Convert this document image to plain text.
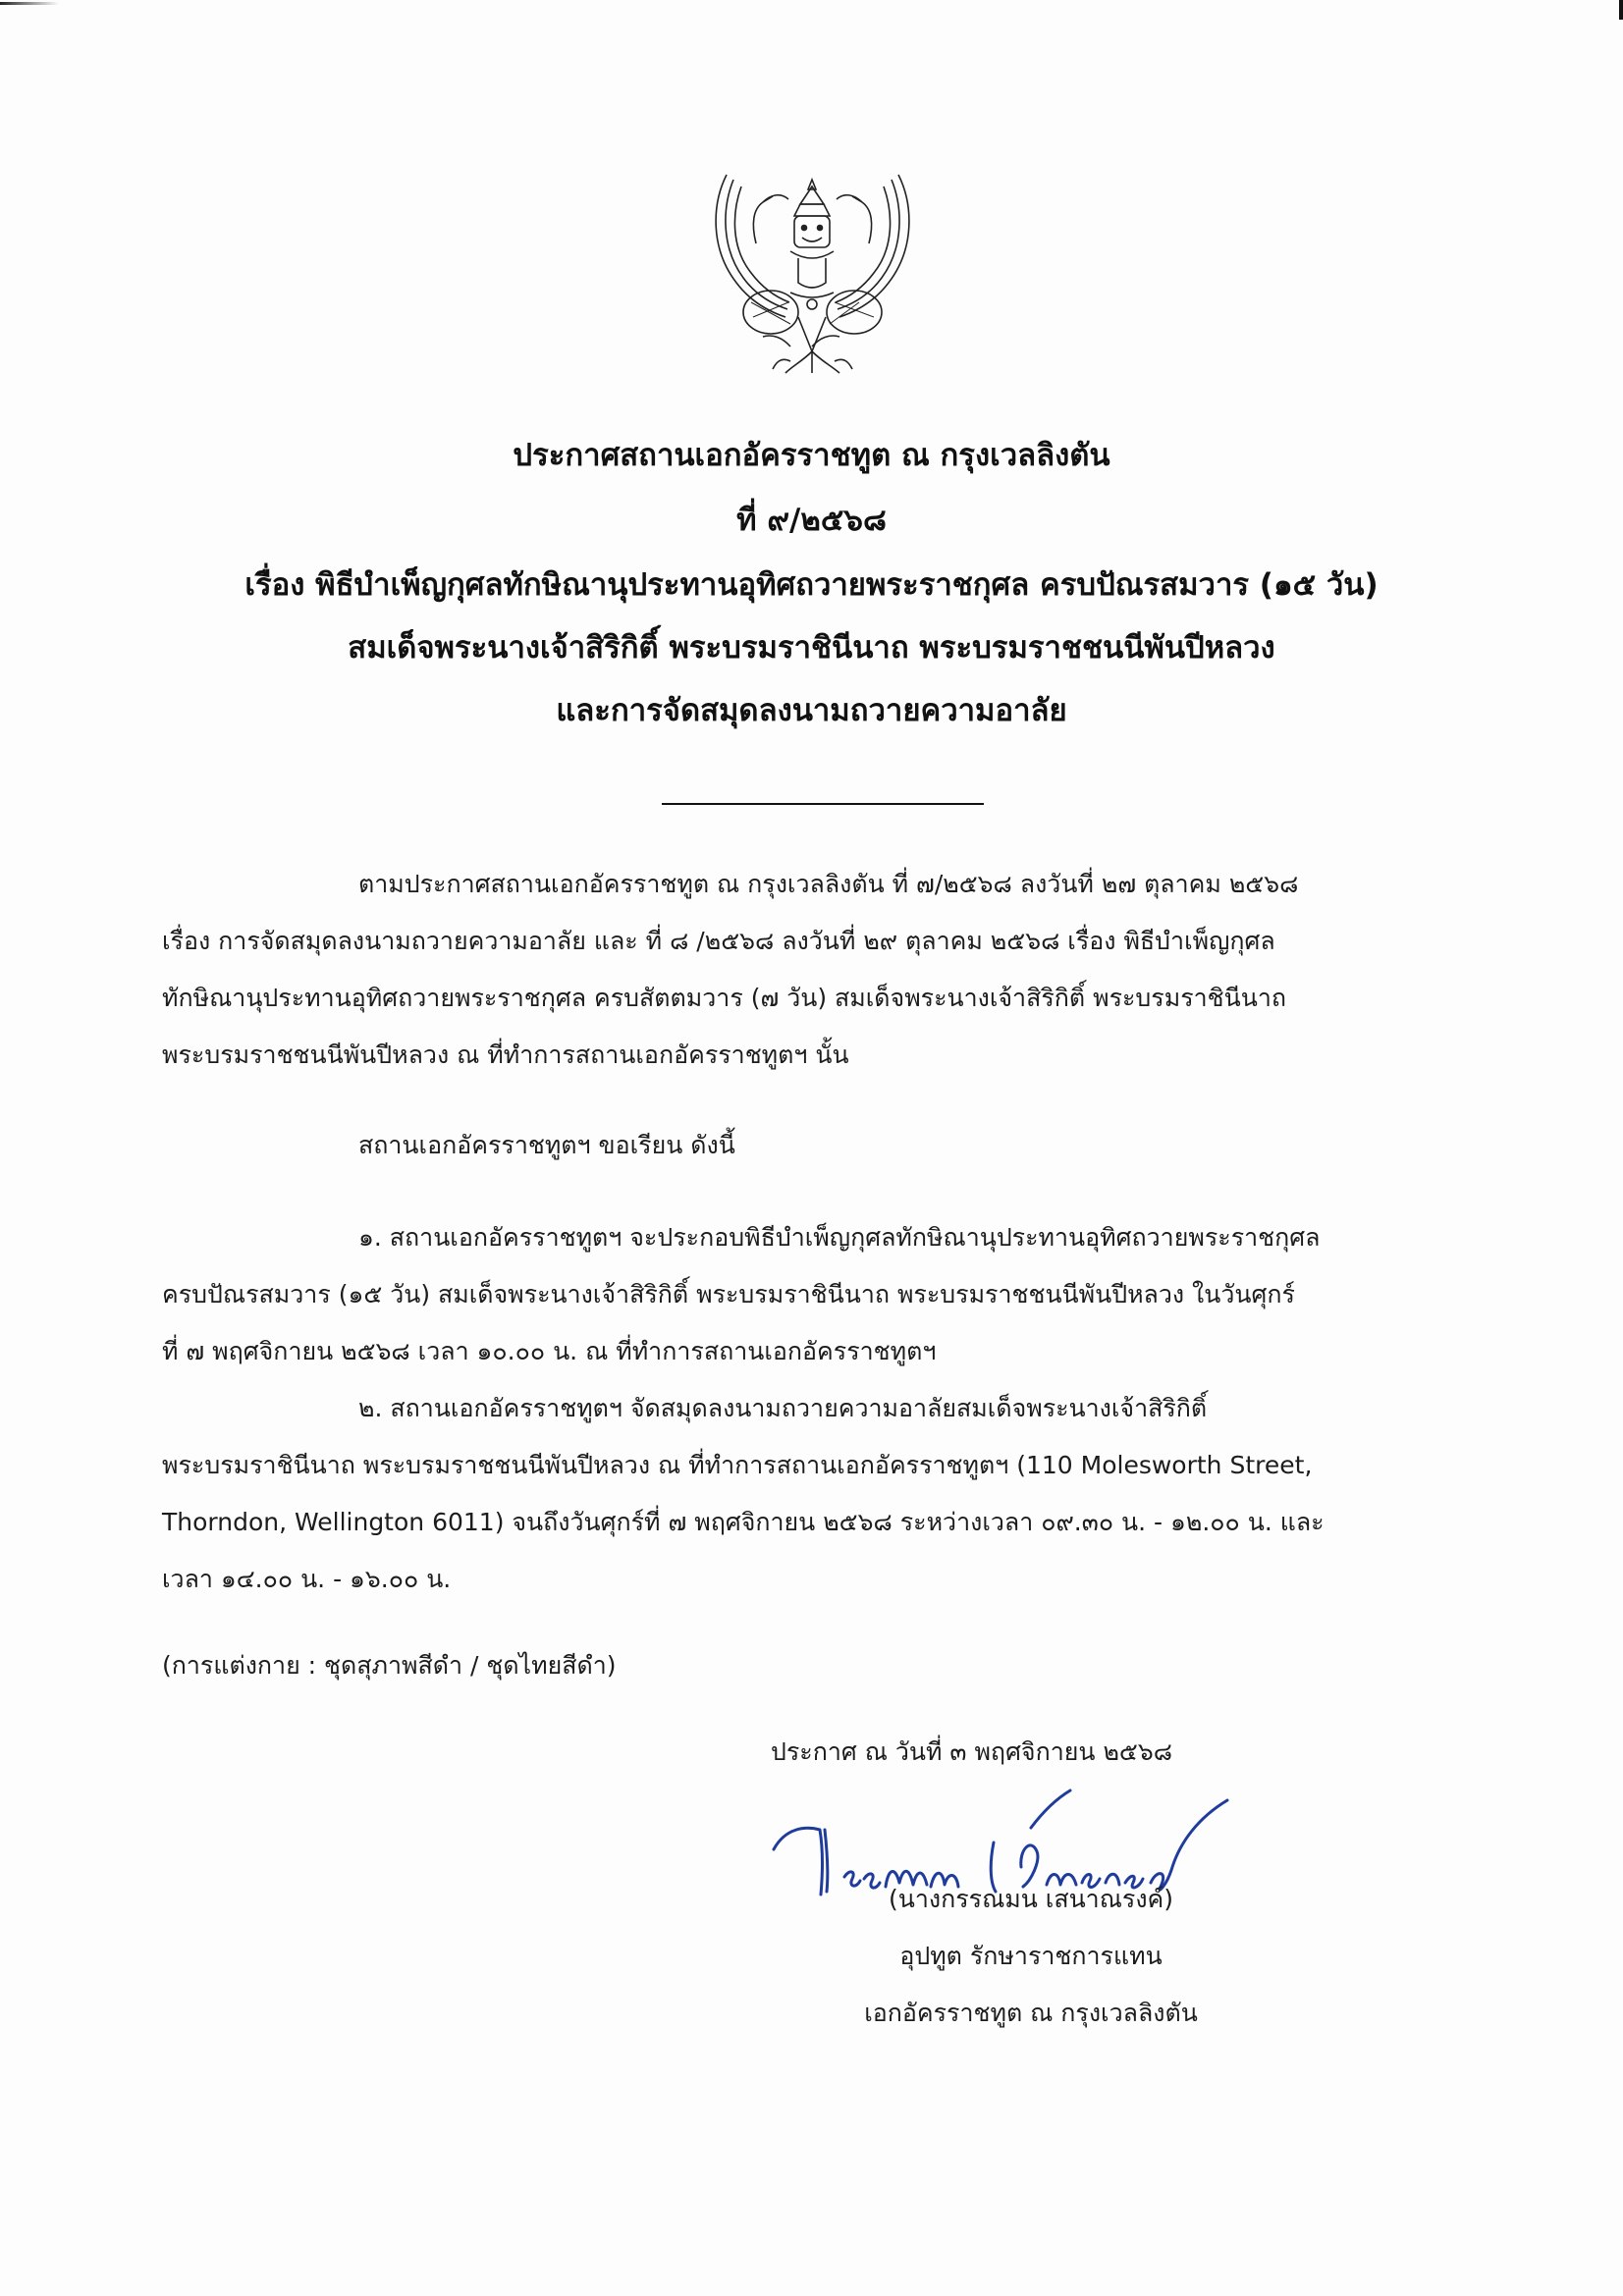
ประกาศสถานเอกอัครราชทูต ณ กรุงเวลลิงตัน
ที่ ๙/๒๕๖๘
เรื่อง พิธีบำเพ็ญกุศลทักษิณานุประทานอุทิศถวายพระราชกุศล ครบปัณรสมวาร (๑๕ วัน)
สมเด็จพระนางเจ้าสิริกิติ์ พระบรมราชินีนาถ พระบรมราชชนนีพันปีหลวง
และการจัดสมุดลงนามถวายความอาลัย
ตามประกาศสถานเอกอัครราชทูต ณ กรุงเวลลิงตัน ที่ ๗/๒๕๖๘ ลงวันที่ ๒๗ ตุลาคม ๒๕๖๘
เรื่อง การจัดสมุดลงนามถวายความอาลัย และ ที่ ๘ /๒๕๖๘ ลงวันที่ ๒๙ ตุลาคม ๒๕๖๘ เรื่อง พิธีบำเพ็ญกุศล
ทักษิณานุประทานอุทิศถวายพระราชกุศล ครบสัตตมวาร (๗ วัน) สมเด็จพระนางเจ้าสิริกิติ์ พระบรมราชินีนาถ
พระบรมราชชนนีพันปีหลวง ณ ที่ทำการสถานเอกอัครราชทูตฯ นั้น
สถานเอกอัครราชทูตฯ ขอเรียน ดังนี้
๑. สถานเอกอัครราชทูตฯ จะประกอบพิธีบำเพ็ญกุศลทักษิณานุประทานอุทิศถวายพระราชกุศล
ครบปัณรสมวาร (๑๕ วัน) สมเด็จพระนางเจ้าสิริกิติ์ พระบรมราชินีนาถ พระบรมราชชนนีพันปีหลวง ในวันศุกร์
ที่ ๗ พฤศจิกายน ๒๕๖๘ เวลา ๑๐.๐๐ น. ณ ที่ทำการสถานเอกอัครราชทูตฯ
๒. สถานเอกอัครราชทูตฯ จัดสมุดลงนามถวายความอาลัยสมเด็จพระนางเจ้าสิริกิติ์
พระบรมราชินีนาถ พระบรมราชชนนีพันปีหลวง ณ ที่ทำการสถานเอกอัครราชทูตฯ (110 Molesworth Street,
Thorndon, Wellington 6011) จนถึงวันศุกร์ที่ ๗ พฤศจิกายน ๒๕๖๘ ระหว่างเวลา ๐๙.๓๐ น. - ๑๒.๐๐ น. และ
เวลา ๑๔.๐๐ น. - ๑๖.๐๐ น.
(การแต่งกาย : ชุดสุภาพสีดำ / ชุดไทยสีดำ)
ประกาศ ณ วันที่ ๓ พฤศจิกายน ๒๕๖๘
(นางกรรณมน เสนาณรงค์)
อุปทูต รักษาราชการแทน
เอกอัครราชทูต ณ กรุงเวลลิงตัน
